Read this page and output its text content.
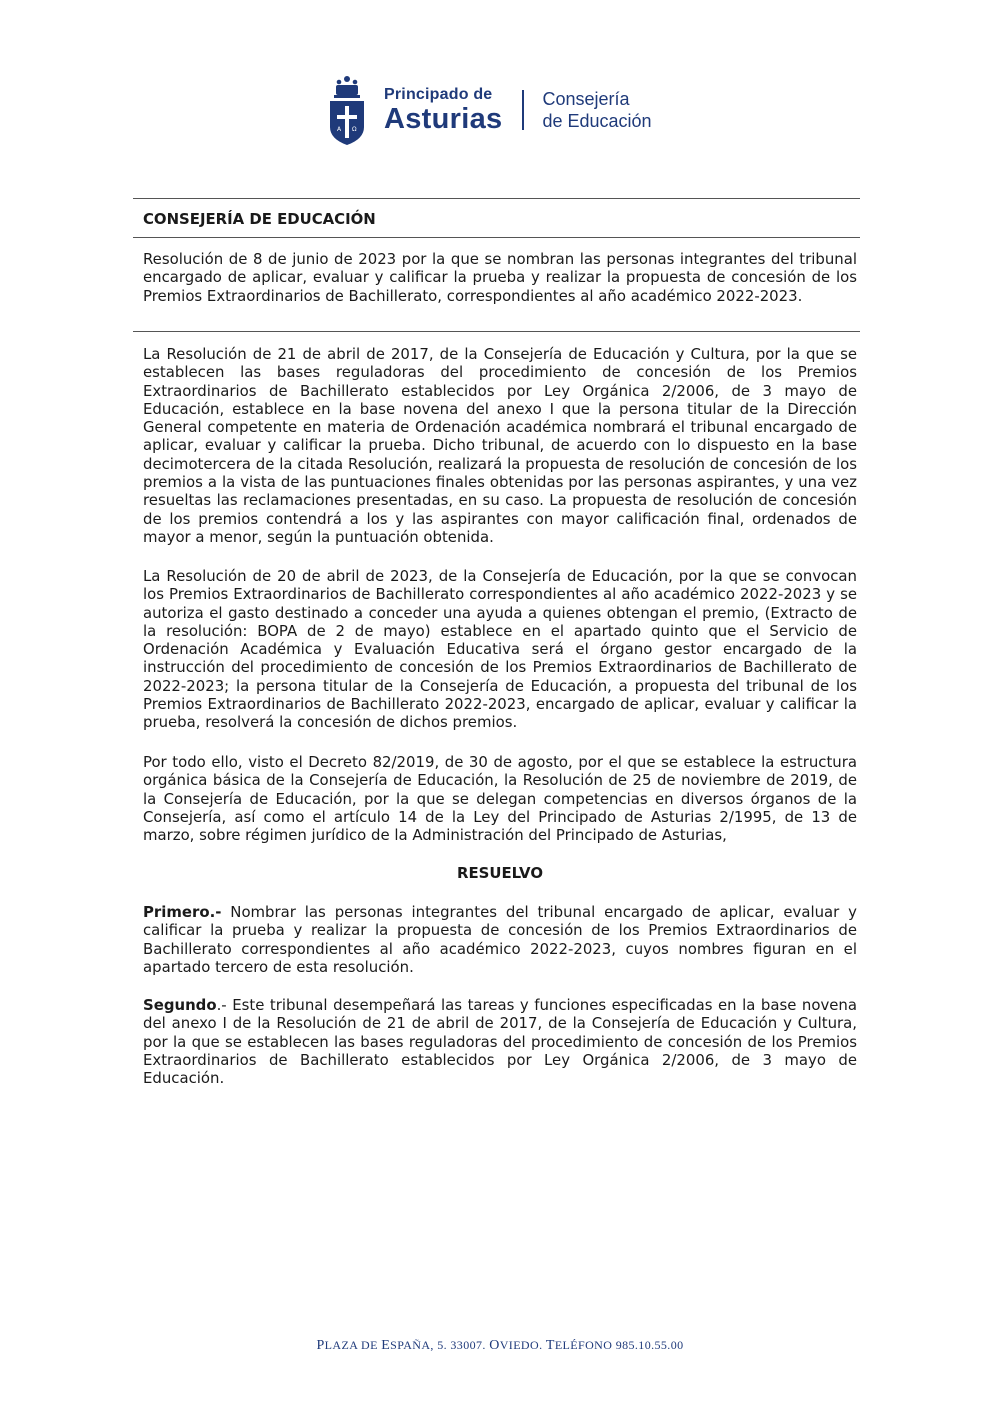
A Ω
Principado de
Asturias
Consejería
de Educación
CONSEJERÍA DE EDUCACIÓN

Resolución de 8 de junio de 2023 por la que se nombran las personas integrantes del tribunal encargado de aplicar, evaluar y calificar la prueba y realizar la propuesta de concesión de los Premios Extraordinarios de Bachillerato, correspondientes al año académico 2022-2023.

La Resolución de 21 de abril de 2017, de la Consejería de Educación y Cultura, por la que se establecen las bases reguladoras del procedimiento de concesión de los Premios Extraordinarios de Bachillerato establecidos por Ley Orgánica 2/2006, de 3 mayo de Educación, establece en la base novena del anexo I que la persona titular de la Dirección General competente en materia de Ordenación académica nombrará el tribunal encargado de aplicar, evaluar y calificar la prueba. Dicho tribunal, de acuerdo con lo dispuesto en la base decimotercera de la citada Resolución, realizará la propuesta de resolución de concesión de los premios a la vista de las puntuaciones finales obtenidas por las personas aspirantes, y una vez resueltas las reclamaciones presentadas, en su caso. La propuesta de resolución de concesión de los premios contendrá a los y las aspirantes con mayor calificación final, ordenados de mayor a menor, según la puntuación obtenida.

La Resolución de 20 de abril de 2023, de la Consejería de Educación, por la que se convocan los Premios Extraordinarios de Bachillerato correspondientes al año académico 2022-2023 y se autoriza el gasto destinado a conceder una ayuda a quienes obtengan el premio, (Extracto de la resolución: BOPA de 2 de mayo) establece en el apartado quinto que el Servicio de Ordenación Académica y Evaluación Educativa será el órgano gestor encargado de la instrucción del procedimiento de concesión de los Premios Extraordinarios de Bachillerato de 2022-2023; la persona titular de la Consejería de Educación, a propuesta del tribunal de los Premios Extraordinarios de Bachillerato 2022-2023, encargado de aplicar, evaluar y calificar la prueba, resolverá la concesión de dichos premios.

Por todo ello, visto el Decreto 82/2019, de 30 de agosto, por el que se establece la estructura orgánica básica de la Consejería de Educación, la Resolución de 25 de noviembre de 2019, de la Consejería de Educación, por la que se delegan competencias en diversos órganos de la Consejería, así como el artículo 14 de la Ley del Principado de Asturias 2/1995, de 13 de marzo, sobre régimen jurídico de la Administración del Principado de Asturias,

RESUELVO

Primero.- Nombrar las personas integrantes del tribunal encargado de aplicar, evaluar y calificar la prueba y realizar la propuesta de concesión de los Premios Extraordinarios de Bachillerato correspondientes al año académico 2022-2023, cuyos nombres figuran en el apartado tercero de esta resolución.

Segundo.- Este tribunal desempeñará las tareas y funciones especificadas en la base novena del anexo I de la Resolución de 21 de abril de 2017, de la Consejería de Educación y Cultura, por la que se establecen las bases reguladoras del procedimiento de concesión de los Premios Extraordinarios de Bachillerato establecidos por Ley Orgánica 2/2006, de 3 mayo de Educación.

PLAZA DE ESPAÑA, 5. 33007. OVIEDO. TELÉFONO 985.10.55.00
